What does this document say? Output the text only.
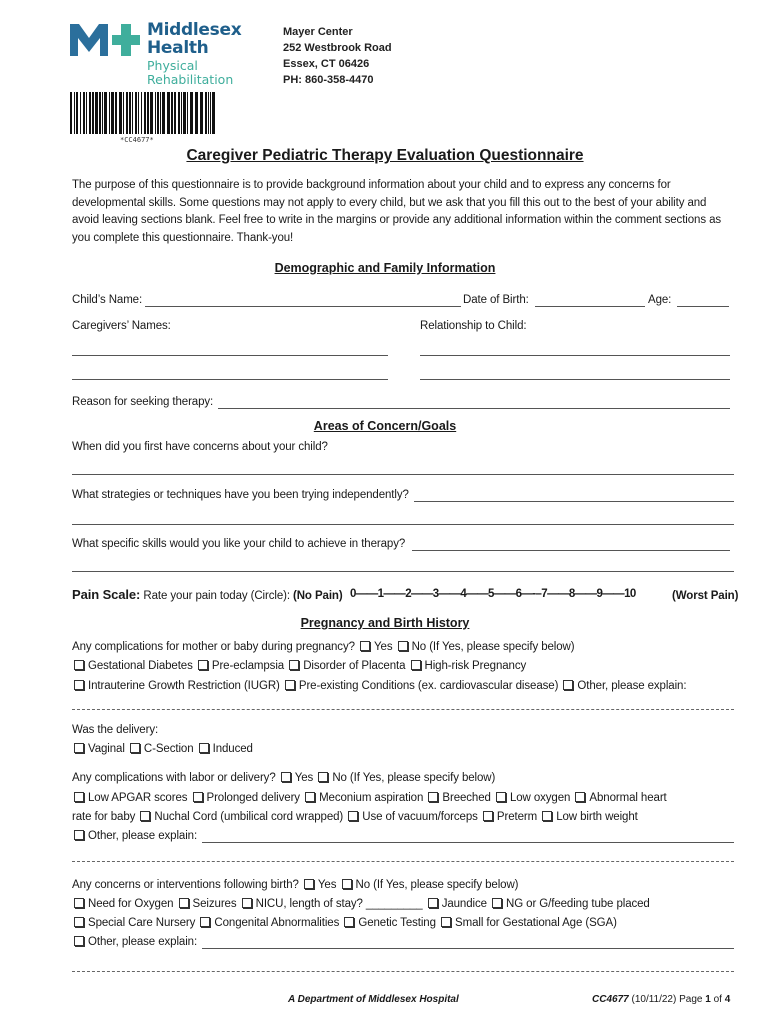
Middlesex
Health
Physical
Rehabilitation
Mayer Center
252 Westbrook Road
Essex, CT 06426
PH: 860-358-4470
*CC4677*
Caregiver Pediatric Therapy Evaluation Questionnaire
The purpose of this questionnaire is to provide background information about your child and to express any concerns for developmental skills. Some questions may not apply to every child, but we ask that you fill this out to the best of your ability and avoid leaving sections blank. Feel free to write in the margins or provide any additional information within the comment sections as you complete this questionnaire. Thank-you!
Demographic and Family Information
Child’s Name:	Date of Birth:	Age:
Caregivers’ Names:	Relationship to Child:
Reason for seeking therapy:
Areas of Concern/Goals
When did you first have concerns about your child?
What strategies or techniques have you been trying independently?
What specific skills would you like your child to achieve in therapy?
Pain Scale: Rate your pain today (Circle): (No Pain) 0——1——2——3——4——5——6—-–7——8——9——10	(Worst Pain)
Pregnancy and Birth History
Any complications for mother or baby during pregnancy? Yes No (If Yes, please specify below)
Gestational Diabetes Pre-eclampsia Disorder of Placenta High-risk Pregnancy
Intrauterine Growth Restriction (IUGR) Pre-existing Conditions (ex. cardiovascular disease) Other, please explain:
Was the delivery:
Vaginal C-Section Induced
Any complications with labor or delivery? Yes No (If Yes, please specify below)
Low APGAR scores Prolonged delivery Meconium aspiration Breeched Low oxygen Abnormal heart
rate for baby Nuchal Cord (umbilical cord wrapped) Use of vacuum/forceps Preterm Low birth weight
Other, please explain:
Any concerns or interventions following birth? Yes No (If Yes, please specify below)
Need for Oxygen Seizures NICU, length of stay? _________ Jaundice NG or G/feeding tube placed
Special Care Nursery Congenital Abnormalities Genetic Testing Small for Gestational Age (SGA)
Other, please explain:
A Department of Middlesex Hospital	CC4677 (10/11/22) Page 1 of 4
